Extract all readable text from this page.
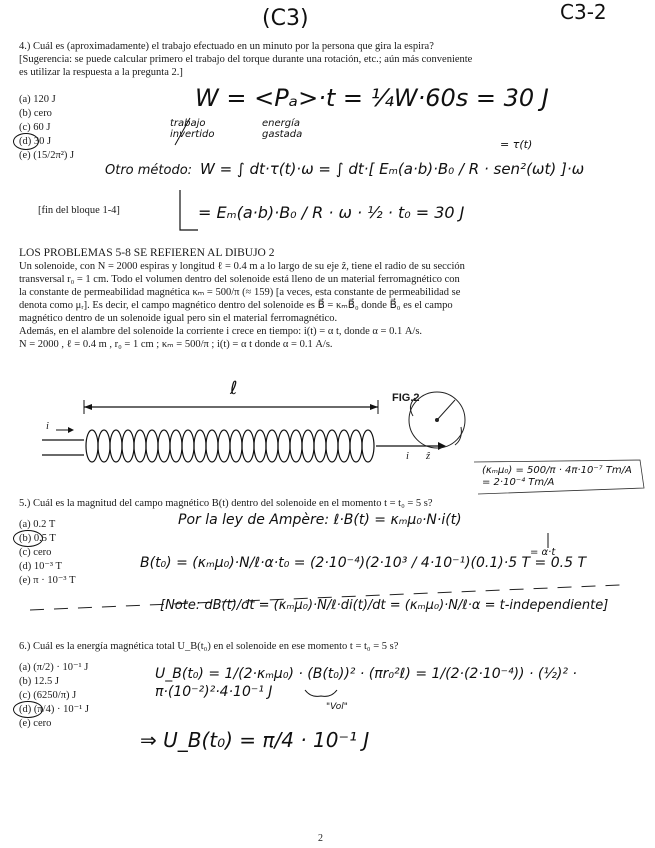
(C3)	C3-2
4.) Cuál es (aproximadamente) el trabajo efectuado en un minuto por la persona que gira la espira?
[Sugerencia: se puede calcular primero el trabajo del torque durante una rotación, etc.; aún más conveniente
es utilizar la respuesta a la pregunta 2.]
(a) 120 J
(b) cero
(c) 60 J
(d) 30 J
(e) (15/2π²) J
W = <Pₐ>·t = ¼W·60s = 30 J
trabajo invertido
energía gastada
= τ(t)
Otro método: W = ∫ dt·τ(t)·ω = ∫ dt·[ Eₘ(a·b)·B₀ / R · sen²(ωt) ]·ω
= Eₘ(a·b)·B₀ / R · ω · ½ · t₀ = 30 J
[fin del bloque 1-4]
LOS PROBLEMAS 5-8 SE REFIEREN AL DIBUJO 2
Un solenoide, con N = 2000 espiras y longitud ℓ = 0.4 m a lo largo de su eje ẑ, tiene el radio de su sección
transversal r₀ = 1 cm. Todo el volumen dentro del solenoide está lleno de un material ferromagnético con
la constante de permeabilidad magnética κₘ = 500/π (≈ 159) [a veces, esta constante de permeabilidad se
denota como μᵣ]. Es decir, el campo magnético dentro del solenoide es B⃗ = κₘB⃗₀ donde B⃗₀ es el campo
magnético dentro de un solenoide igual pero sin el material ferromagnético.
Además, en el alambre del solenoide la corriente i crece en tiempo: i(t) = α t, donde α = 0.1 A/s.
N = 2000 , ℓ = 0.4 m , r₀ = 1 cm ; κₘ = 500/π ; i(t) = α t donde α = 0.1 A/s.
ℓ	FIG.2
i
i ẑ
(κₘμ₀) = 500/π · 4π·10⁻⁷ Tm/A = 2·10⁻⁴ Tm/A
5.) Cuál es la magnitud del campo magnético B(t) dentro del solenoide en el momento t = t₀ = 5 s?
(a) 0.2 T
(b) 0.5 T
(c) cero
(d) 10⁻³ T
(e) π · 10⁻³ T
Por la ley de Ampère: ℓ·B(t) = κₘμ₀·N·i(t)
= α·t
B(t₀) = (κₘμ₀)·N/ℓ·α·t₀ = (2·10⁻⁴)(2·10³ / 4·10⁻¹)(0.1)·5 T = 0.5 T
[Note: dB(t)/dt = (κₘμ₀)·N/ℓ·di(t)/dt = (κₘμ₀)·N/ℓ·α = t-independiente]
6.) Cuál es la energía magnética total U_B(t₀) en el solenoide en ese momento t = t₀ = 5 s?
(a) (π/2) · 10⁻¹ J
(b) 12.5 J
(c) (6250/π) J
(d) (π/4) · 10⁻¹ J
(e) cero
U_B(t₀) = 1/(2·κₘμ₀) · (B(t₀))² · (πr₀²ℓ) = 1/(2·(2·10⁻⁴)) · (½)² · π·(10⁻²)²·4·10⁻¹ J
"Vol"
⇒ U_B(t₀) = π/4 · 10⁻¹ J
2
